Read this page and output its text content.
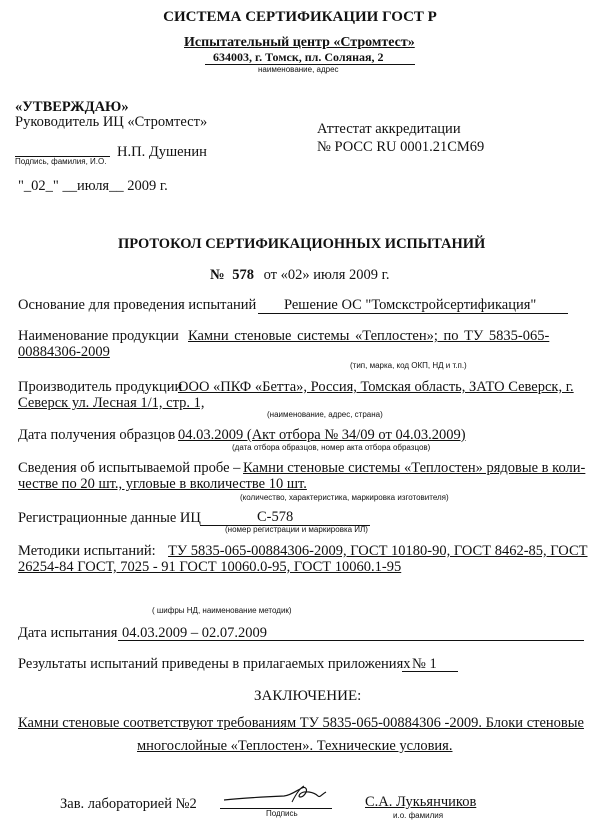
СИСТЕМА СЕРТИФИКАЦИИ ГОСТ Р
Испытательный центр «Стромтест»
634003, г. Томск, пл. Соляная, 2
наименование, адрес
«УТВЕРЖДАЮ»
Руководитель ИЦ «Стромтест»
Н.П. Душенин
Подпись, фамилия, И.О.
"_02_" __июля__ 2009 г.
Аттестат аккредитации
№ РОСС RU 0001.21СМ69
ПРОТОКОЛ СЕРТИФИКАЦИОННЫХ ИСПЫТАНИЙ
№ 578 от «02» июля 2009 г.
Основание для проведения испытаний Решение ОС "Томскстройсертификация"
Наименование продукции Камни стеновые системы «Теплостен»; по ТУ 5835-065-
00884306-2009
(тип, марка, код ОКП, НД и т.п.)
Производитель продукции
ООО «ПКФ «Бетта», Россия, Томская область, ЗАТО Северск, г.
Северск ул. Лесная 1/1, стр. 1,
(наименование, адрес, страна)
Дата получения образцов 04.03.2009 (Акт отбора № 34/09 от 04.03.2009)
(дата отбора образцов, номер акта отбора образцов)
Сведения об испытываемой пробе – Камни стеновые системы «Теплостен» рядовые в коли-
честве по 20 шт., угловые в вколичестве 10 шт.
(количество, характеристика, маркировка изготовителя)
Регистрационные данные ИЦ	С-578
(номер регистрации и маркировка ИЛ)
Методики испытаний: ТУ 5835-065-00884306-2009, ГОСТ 10180-90, ГОСТ 8462-85, ГОСТ
26254-84 ГОСТ, 7025 - 91 ГОСТ 10060.0-95, ГОСТ 10060.1-95
( шифры НД, наименование методик)
Дата испытания 04.03.2009 – 02.07.2009
Результаты испытаний приведены в прилагаемых приложениях № 1
ЗАКЛЮЧЕНИЕ:
Камни стеновые соответствуют требованиям ТУ 5835-065-00884306 -2009. Блоки стеновые
многослойные «Теплостен». Технические условия.
Зав. лабораторией №2
Подпись
С.А. Лукьянчиков
и.о. фамилия
